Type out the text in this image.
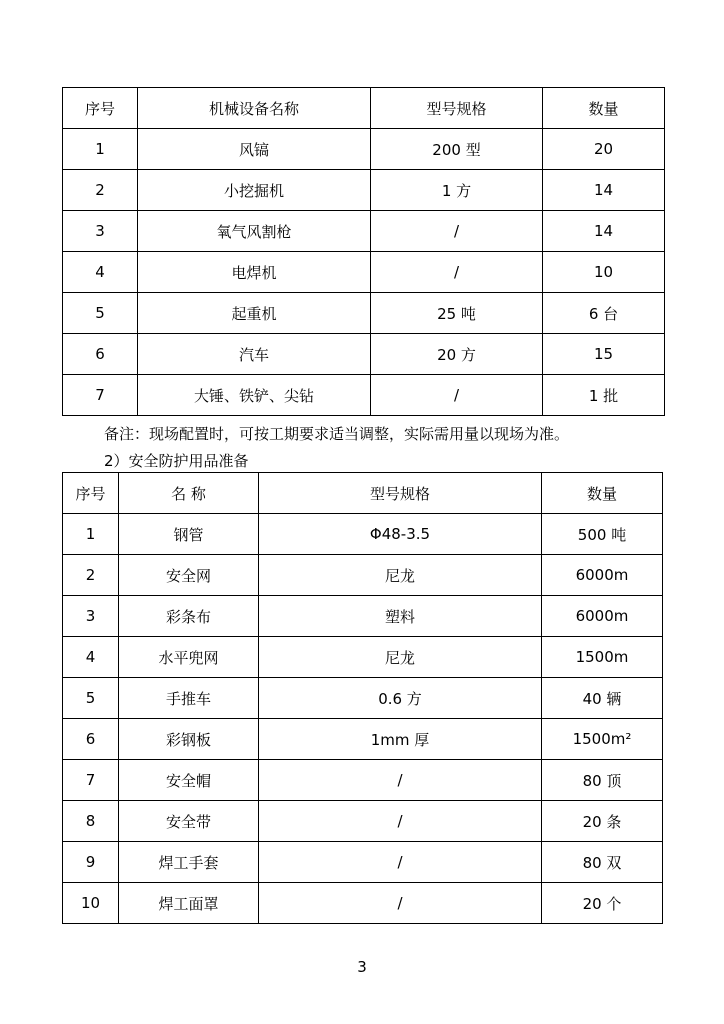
序号	机械设备名称	型号规格	数量
1	风镐	200 型	20
2	小挖掘机	1 方	14
3	氧气风割枪	/	14
4	电焊机	/	10
5	起重机	25 吨	6 台
6	汽车	20 方	15
7	大锤、铁铲、尖钻	/	1 批
备注：现场配置时，可按工期要求适当调整，实际需用量以现场为准。
2）安全防护用品准备
序号	名 称	型号规格	数量
1	钢管	Φ48-3.5	500 吨
2	安全网	尼龙	6000m
3	彩条布	塑料	6000m
4	水平兜网	尼龙	1500m
5	手推车	0.6 方	40 辆
6	彩钢板	1mm 厚	1500m²
7	安全帽	/	80 顶
8	安全带	/	20 条
9	焊工手套	/	80 双
10	焊工面罩	/	20 个
3
